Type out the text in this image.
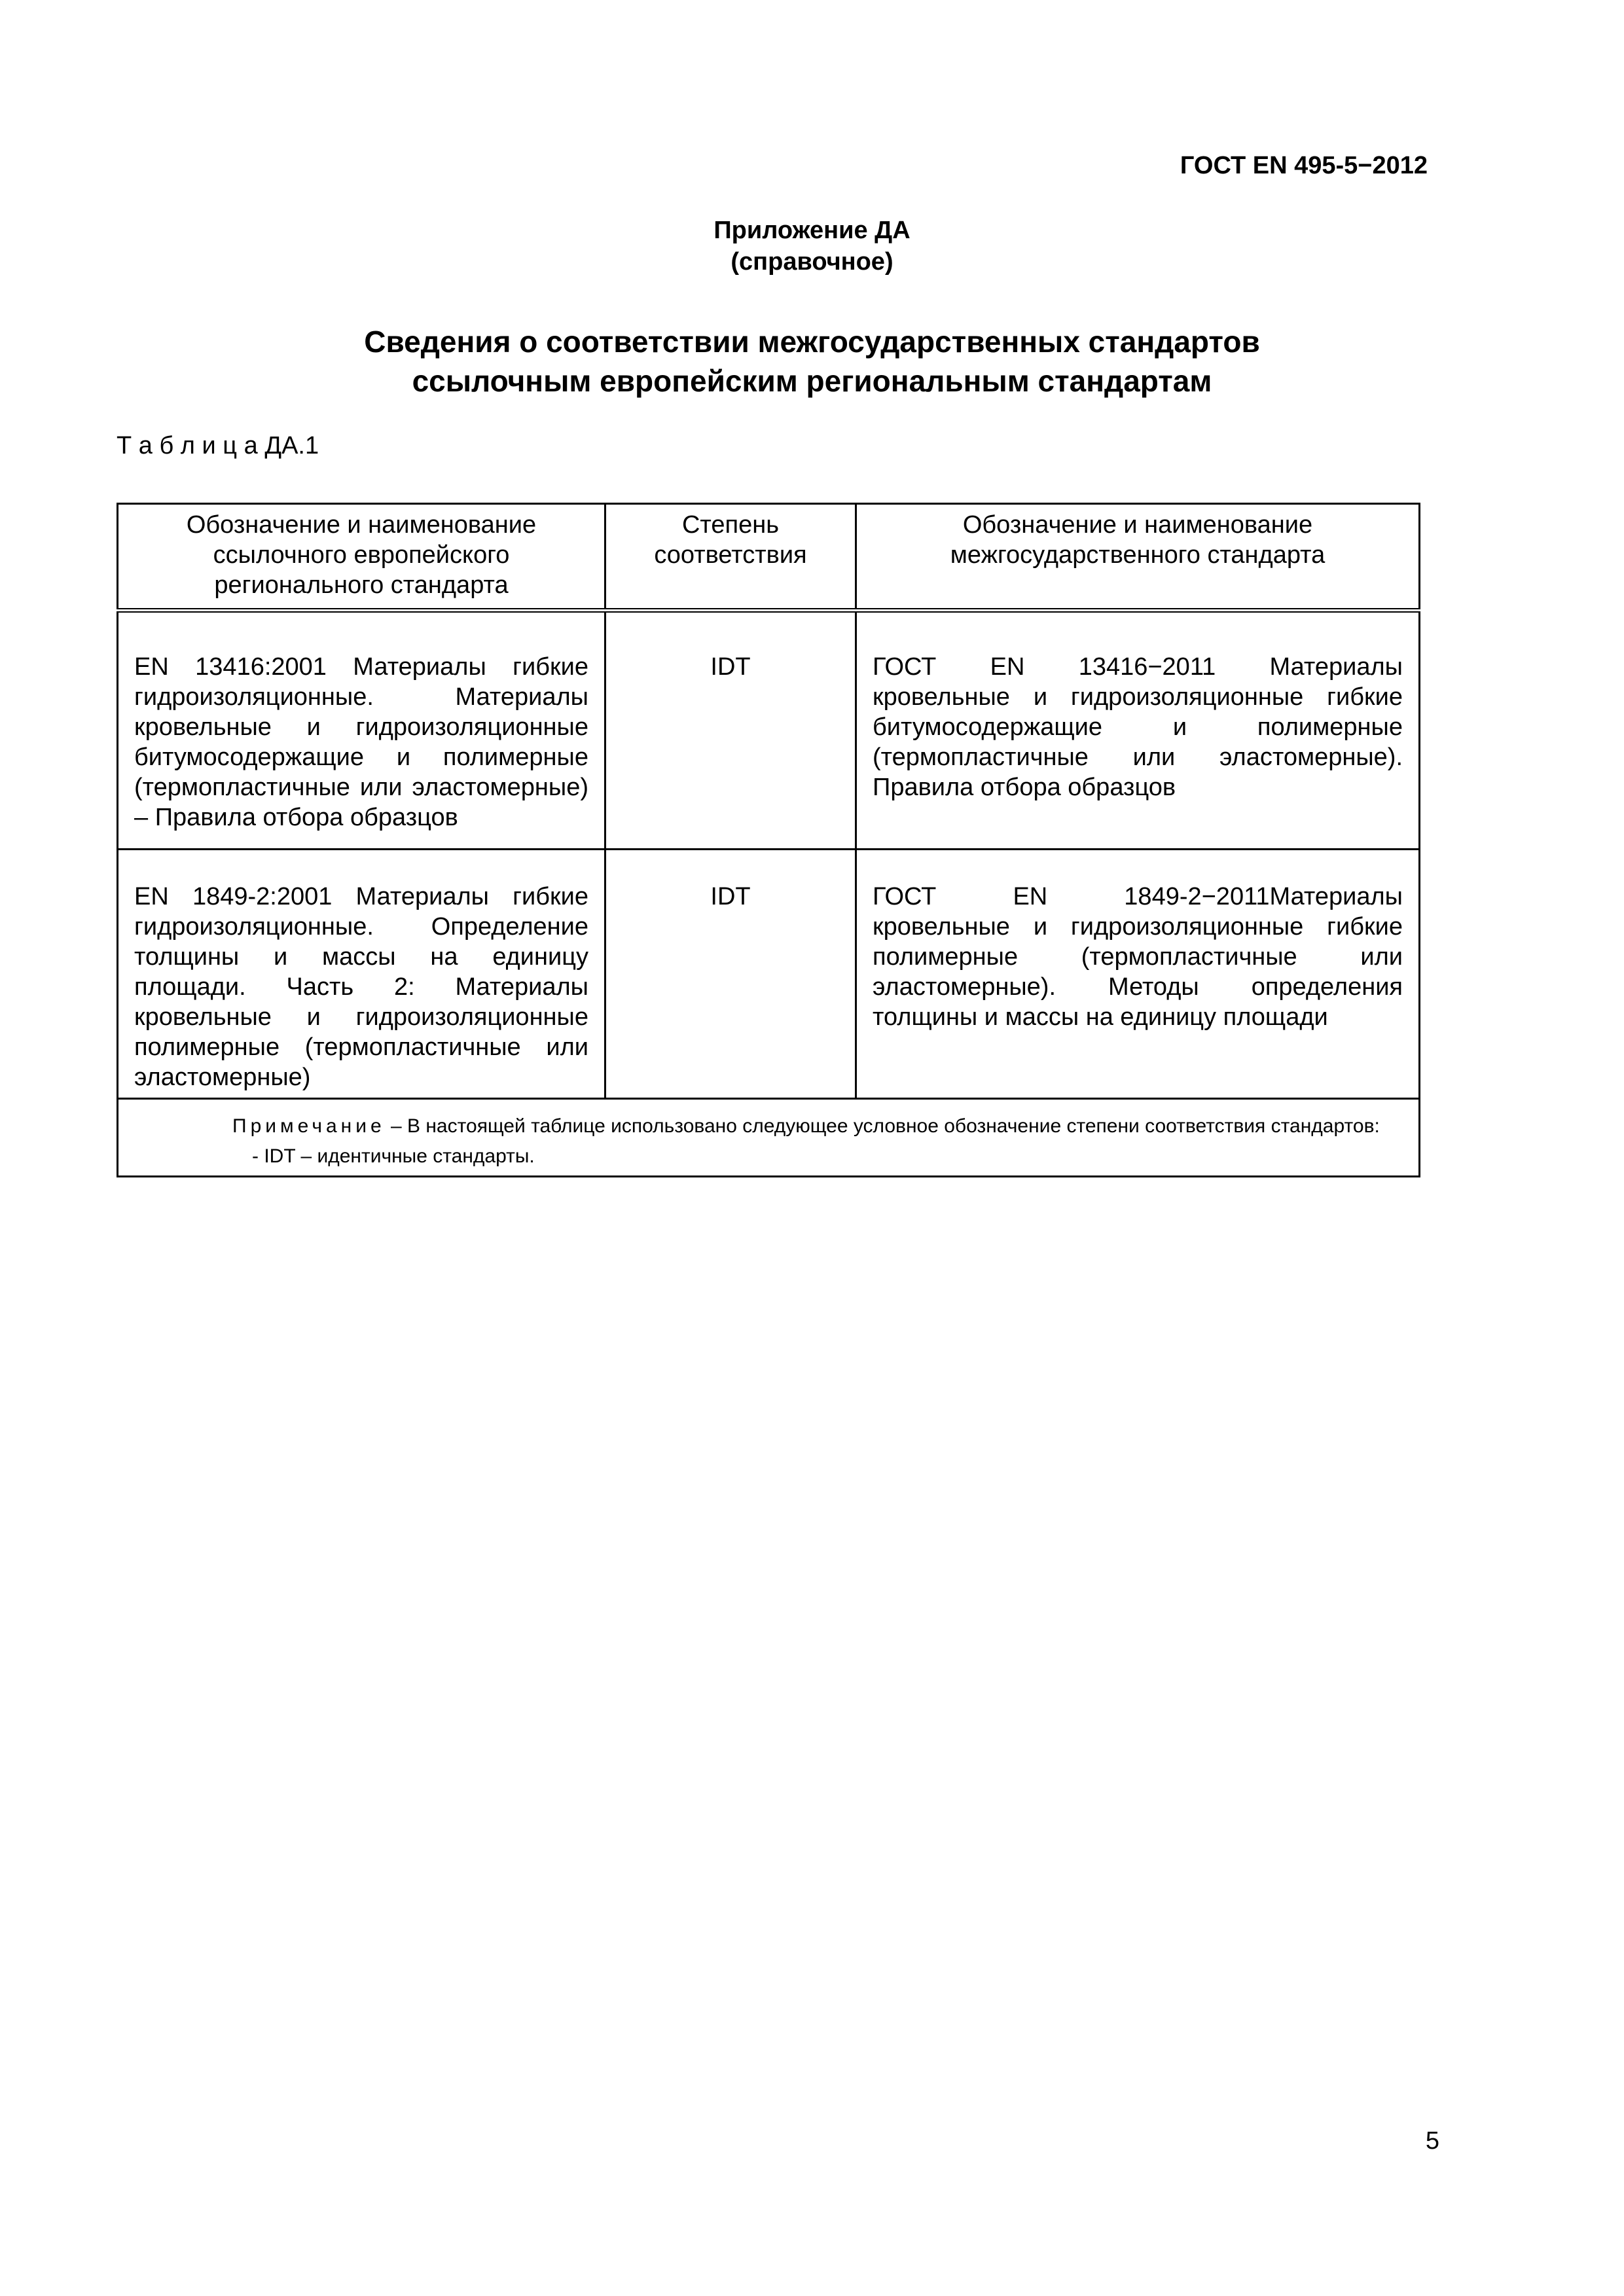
ГОСТ EN 495-5−2012
Приложение ДА
(справочное)
Сведения о соответствии межгосударственных стандартов
ссылочным европейским региональным стандартам
Т а б л и ц а ДА.1
Обозначение и наименование ссылочного европейского регионального стандарта	Степень соответствия	Обозначение и наименование межгосударственного стандарта
EN 13416:2001 Материалы гибкие гидроизоляционные. Материалы кровельные и гидроизоляционные битумосодержащие и полимерные (термопластичные или эластомерные) – Правила отбора образцов	IDT	ГОСТ EN 13416−2011 Материалы кровельные и гидроизоляционные гибкие битумосодержащие и полимерные (термопластичные или эластомерные). Правила отбора образцов
EN 1849-2:2001 Материалы гибкие гидроизоляционные. Определение толщины и массы на единицу площади. Часть 2: Материалы кровельные и гидроизоляционные полимерные (термопластичные или эластомерные)	IDT	ГОСТ EN 1849-2−2011Материалы кровельные и гидроизоляционные гибкие полимерные (термопластичные или эластомерные). Методы определения толщины и массы на единицу площади

Примечание – В настоящей таблице использовано следующее условное обозначение степени соответствия стандартов:
- IDT – идентичные стандарты.		
5
